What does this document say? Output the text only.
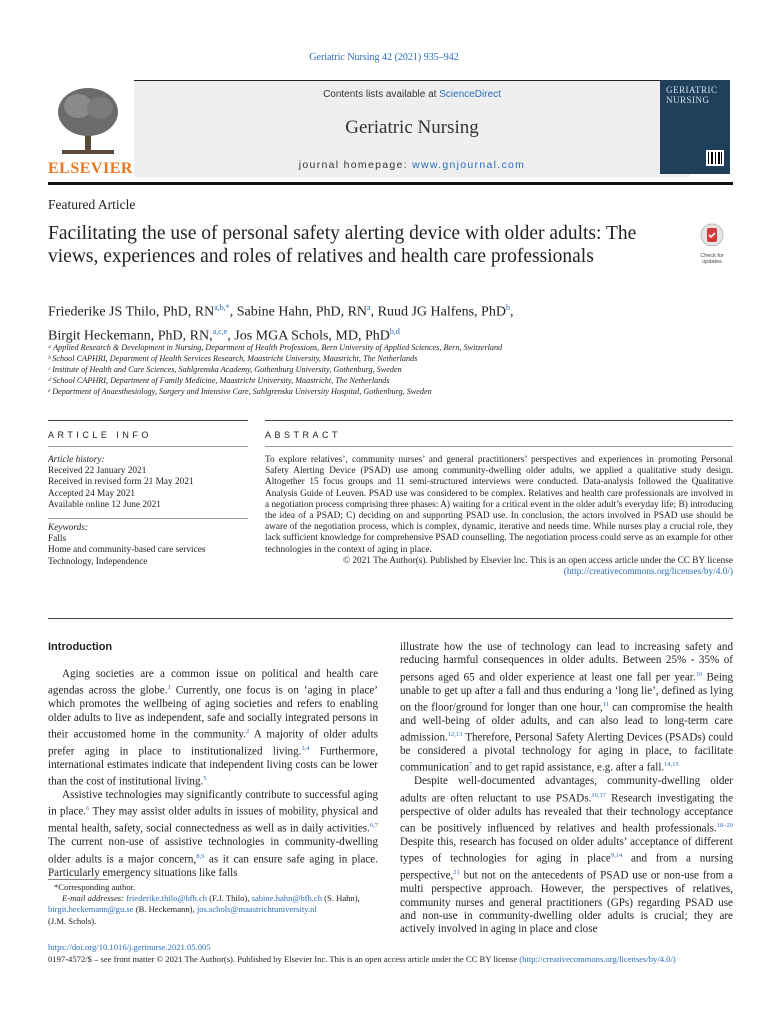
Geriatric Nursing 42 (2021) 935–942
ELSEVIER
Contents lists available at ScienceDirect
Geriatric Nursing
journal homepage: www.gnjournal.com
GERIATRIC
NURSING
Featured Article
Facilitating the use of personal safety alerting device with older adults: The views, experiences and roles of relatives and health care professionals	Check for
updates
Friederike JS Thilo, PhD, $RN^{a,b,*}$, Sabine Hahn, PhD, $RN^a$, Ruud JG Halfens, PhD$^b$,
Birgit Heckemann, PhD, RN,$^{a,c,e}$, Jos MGA Schols, MD, PhD$^{b,d}$
ᵃ Applied Research & Development in Nursing, Department of Health Professions, Bern University of Applied Sciences, Bern, Switzerland
ᵇ School CAPHRI, Department of Health Services Research, Maastricht University, Maastricht, The Netherlands
ᶜ Institute of Health and Care Sciences, Sahlgrenska Academy, Gothenburg University, Gothenburg, Sweden
ᵈ School CAPHRI, Department of Family Medicine, Maastricht University, Maastricht, The Netherlands
ᵉ Department of Anaesthesiology, Surgery and Intensive Care, Sahlgrenska University Hospital, Gothenburg, Sweden
ARTICLE INFO	ABSTRACT
Article history:
Received 22 January 2021
Received in revised form 21 May 2021
Accepted 24 May 2021
Available online 12 June 2021
Keywords:
Falls
Home and community-based care services
Technology, Independence
To explore relatives’, community nurses’ and general practitioners’ perspectives and experiences in promoting Personal Safety Alerting Device (PSAD) use among community-dwelling older adults, we applied a qualitative study design. Altogether 15 focus groups and 11 semi-structured interviews were conducted. Data-analysis followed the Qualitative Analysis Guide of Leuven. PSAD use was considered to be complex. Relatives and health care professionals are involved in a negotiation process comprising three phases: A) waiting for a critical event in the older adult’s everyday life; B) introducing the idea of a PSAD; C) deciding on and supporting PSAD use. In conclusion, the actors involved in PSAD use should be aware of the negotiation process, which is complex, dynamic, iterative and needs time. While nurses play a crucial role, they lack sufficient knowledge for comprehensive PSAD counselling. The negotiation process could serve as an example for other technologies in the context of aging in place.
© 2021 The Author(s). Published by Elsevier Inc. This is an open access article under the CC BY license
(http://creativecommons.org/licenses/by/4.0/)
Introduction

Aging societies are a common issue on political and health care agendas across the globe.$^1$ Currently, one focus is on ‘aging in place’ which promotes the wellbeing of aging societies and refers to enabling older adults to live as independent, safe and socially integrated persons in their accustomed home in the community.$^2$ A majority of older adults prefer aging in place to institutionalized living.$^{3,4}$ Furthermore, international estimates indicate that independent living costs can be lower than the cost of institutional living.$^5$

Assistive technologies may significantly contribute to successful aging in place.$^6$ They may assist older adults in issues of mobility, physical and mental health, safety, social connectedness as well as in daily activities.$^{6,7}$ The current non-use of assistive technologies in community-dwelling older adults is a major concern,$^{8,9}$ as it can ensure safe aging in place. Particularly emergency situations like falls

illustrate how the use of technology can lead to increasing safety and reducing harmful consequences in older adults. Between 25% - 35% of persons aged 65 and older experience at least one fall per year.$^{10}$ Being unable to get up after a fall and thus enduring a ‘long lie’, defined as lying on the floor/ground for longer than one hour,$^{11}$ can compromise the health and well-being of older adults, and can also lead to long-term care admission.$^{12,13}$ Therefore, Personal Safety Alerting Devices (PSADs) could be considered a pivotal technology for aging in place, to facilitate communication$^7$ and to get rapid assistance, e.g. after a fall.$^{14,15}$

Despite well-documented advantages, community-dwelling older adults are often reluctant to use PSADs.$^{16,17}$ Research investigating the perspective of older adults has revealed that their technology acceptance can be positively influenced by relatives and health professionals.$^{18-20}$ Despite this, research has focused on older adults’ acceptance of different types of technologies for aging in place$^{9,14}$ and from a nursing perspective,$^{21}$ but not on the antecedents of PSAD use or non-use from a multi perspective approach. However, the perspectives of relatives, community nurses and general practitioners (GPs) regarding PSAD use and non-use in community-dwelling older adults is crucial; they are actively involved in aging in place and close

*Corresponding author.
E-mail addresses: friederike.thilo@bfh.ch (F.J. Thilo), sabine.hahn@bfh.ch (S. Hahn),
birgit.heckemann@gu.se (B. Heckemann), jos.schols@maastrichtuniversity.nl
(J.M. Schols).
https://doi.org/10.1016/j.gerinurse.2021.05.005
0197-4572/$ – see front matter © 2021 The Author(s). Published by Elsevier Inc. This is an open access article under the CC BY license (http://creativecommons.org/licenses/by/4.0/)
